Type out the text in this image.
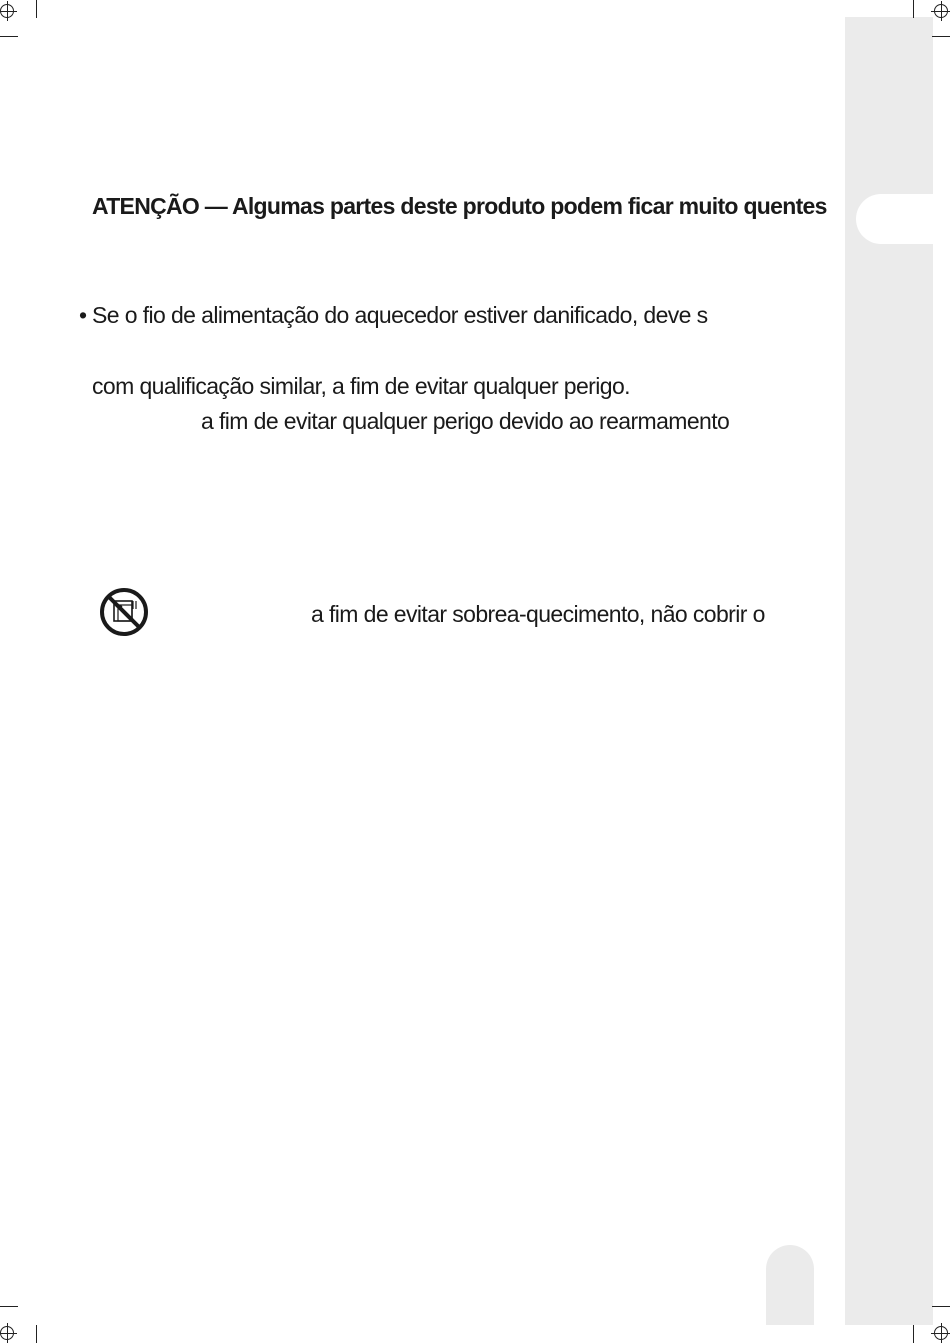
ATENÇÃO — Algumas partes deste produto podem ficar muito quentes
• Se o fio de alimentação do aquecedor estiver danificado, deve s
com qualificação similar, a fim de evitar qualquer perigo.
a fim de evitar qualquer perigo devido ao rearmamento
a fim de evitar sobrea-quecimento, não cobrir o
